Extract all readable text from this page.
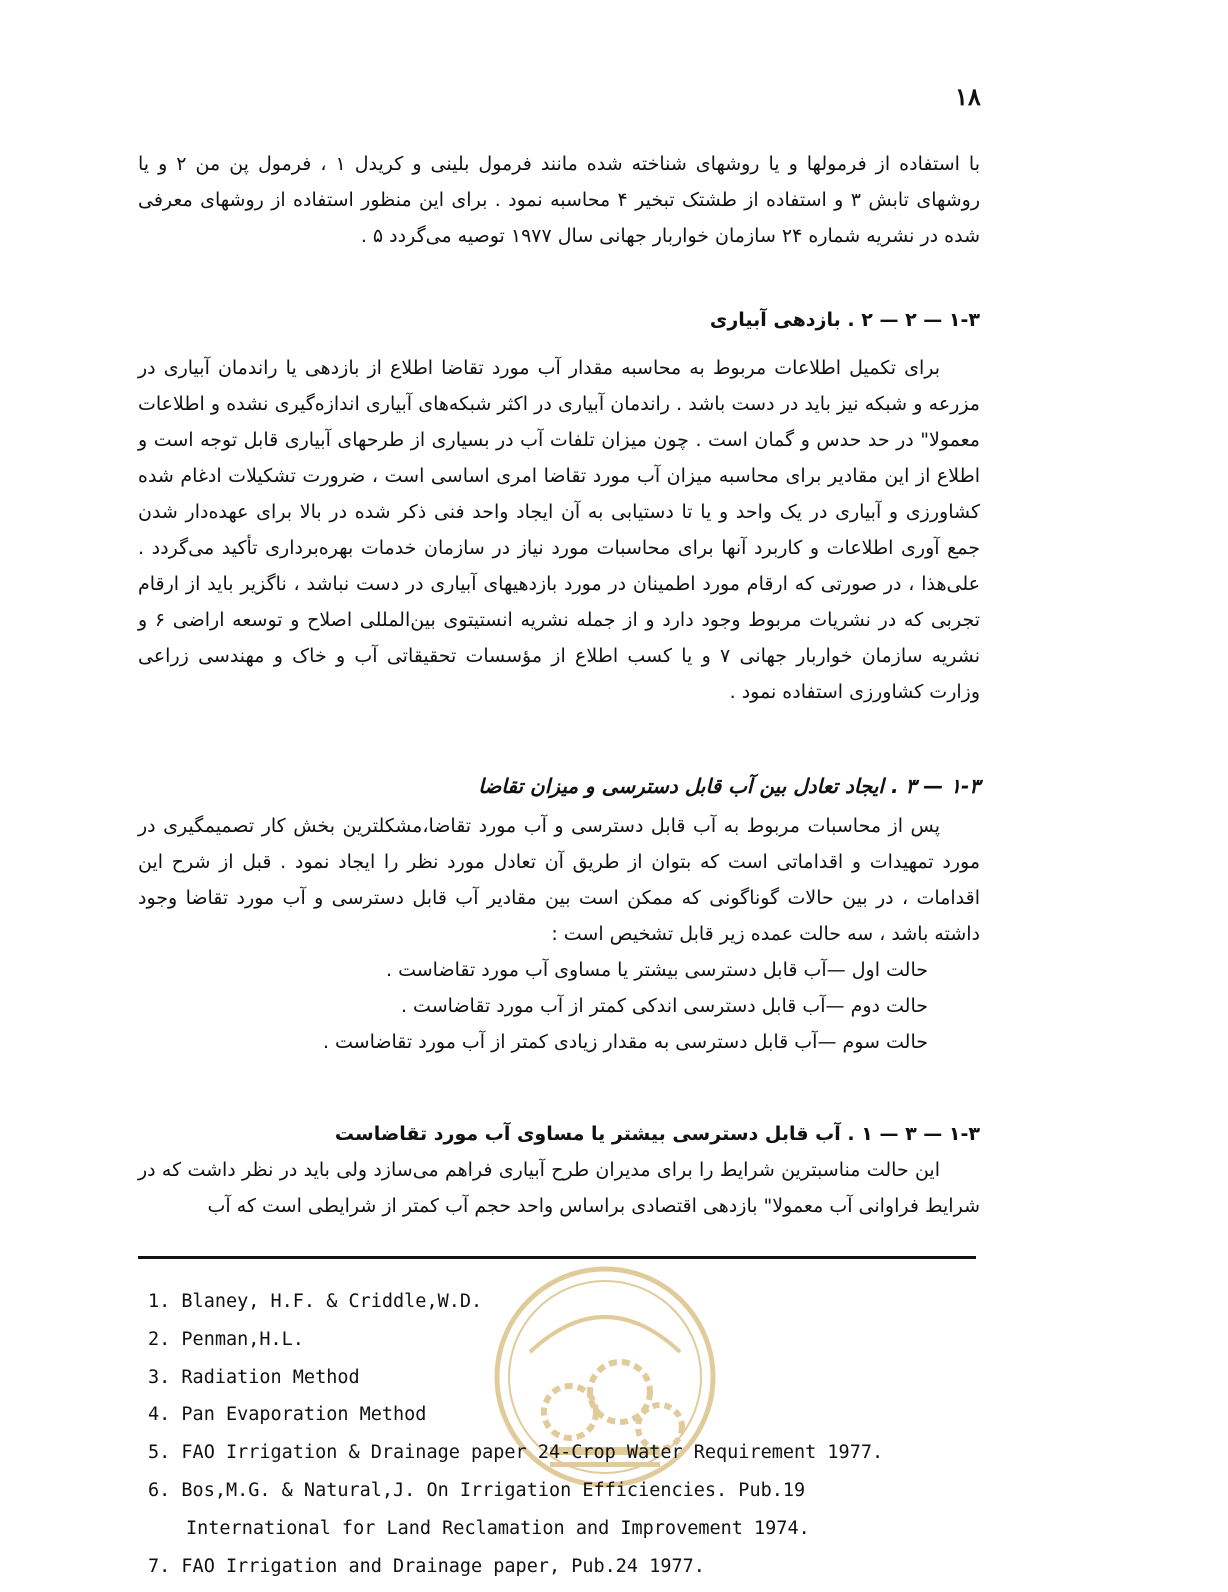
۱۸

با استفاده از فرمولها و یا روشهای شناخته شده مانند فرمول بلینی و کریدل ۱ ، فرمول پن من ۲ و یا روشهای تابش ۳ و استفاده از طشتک تبخیر ۴ محاسبه نمود . برای این منظور استفاده از روشهای معرفی شده در نشریه شماره ۲۴ سازمان خواربار جهانی سال ۱۹۷۷ توصیه می‌گردد ۵ .

۱-۳ — ۲ — ۲ . بازدهی آبیاری

برای تکمیل اطلاعات مربوط به محاسبه مقدار آب مورد تقاضا اطلاع از بازدهی یا راندمان آبیاری در مزرعه و شبکه نیز باید در دست باشد . راندمان آبیاری در اکثر شبکه‌های آبیاری اندازه‌گیری نشده و اطلاعات معمولا" در حد حدس و گمان است . چون میزان تلفات آب در بسیاری از طرحهای آبیاری قابل توجه است و اطلاع از این مقادیر برای محاسبه میزان آب مورد تقاضا امری اساسی است ، ضرورت تشکیلات ادغام شده کشاورزی و آبیاری در یک واحد و یا تا دستیابی به آن ایجاد واحد فنی ذکر شده در بالا برای عهده‌دار شدن جمع آوری اطلاعات و کاربرد آنها برای محاسبات مورد نیاز در سازمان خدمات بهره‌برداری تأکید می‌گردد . علی‌هذا ، در صورتی که ارقام مورد اطمینان در مورد بازدهیهای آبیاری در دست نباشد ، ناگزیر باید از ارقام تجربی که در نشریات مربوط وجود دارد و از جمله نشریه انستیتوی بین‌المللی اصلاح و توسعه اراضی ۶ و نشریه سازمان خواربار جهانی ۷ و یا کسب اطلاع از مؤسسات تحقیقاتی آب و خاک و مهندسی زراعی وزارت کشاورزی استفاده نمود .

۱-۳ — ۳ . ایجاد تعادل بین آب قابل دسترسی و میزان تقاضا

پس از محاسبات مربوط به آب قابل دسترسی و آب مورد تقاضا،مشکلترین بخش کار تصمیمگیری در مورد تمهیدات و اقداماتی است که بتوان از طریق آن تعادل مورد نظر را ایجاد نمود . قبل از شرح این اقدامات ، در بین حالات گوناگونی که ممکن است بین مقادیر آب قابل دسترسی و آب مورد تقاضا وجود داشته باشد ، سه حالت عمده زیر قابل تشخیص است :

حالت اول —آب قابل دسترسی بیشتر یا مساوی آب مورد تقاضاست .

حالت دوم —آب قابل دسترسی اندکی کمتر از آب مورد تقاضاست .

حالت سوم —آب قابل دسترسی به مقدار زیادی کمتر از آب مورد تقاضاست .

۱-۳ — ۳ — ۱ . آب قابل دسترسی بیشتر یا مساوی آب مورد تقاضاست

این حالت مناسبترین شرایط را برای مدیران طرح آبیاری فراهم می‌سازد ولی باید در نظر داشت که در شرایط فراوانی آب معمولا" بازدهی اقتصادی براساس واحد حجم آب کمتر از شرایطی است که آب

1. Blaney, H.F. & Criddle,W.D.
2. Penman,H.L.
3. Radiation Method
4. Pan Evaporation Method
5. FAO Irrigation & Drainage paper 24-Crop Water Requirement 1977.
6. Bos,M.G. & Natural,J. On Irrigation Efficiencies. Pub.19
International for Land Reclamation and Improvement 1974.
7. FAO Irrigation and Drainage paper, Pub.24 1977.
